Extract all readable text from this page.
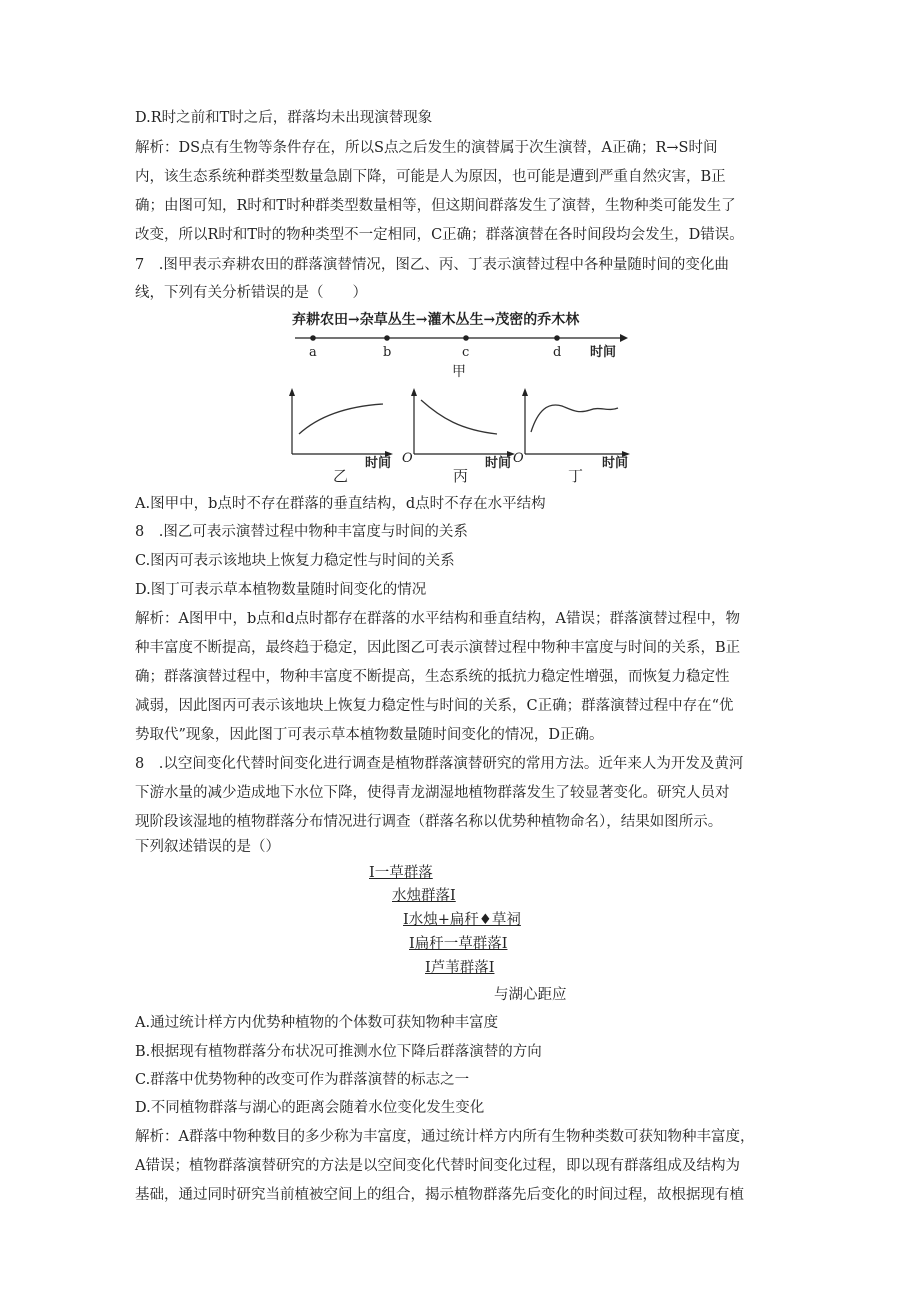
D.R时之前和T时之后，群落均未出现演替现象
解析：DS点有生物等条件存在，所以S点之后发生的演替属于次生演替，A正确；R→S时间
内，该生态系统种群类型数量急剧下降，可能是人为原因，也可能是遭到严重自然灾害，B正
确；由图可知，R时和T时种群类型数量相等，但这期间群落发生了演替，生物种类可能发生了
改变，所以R时和T时的物种类型不一定相同，C正确；群落演替在各时间段均会发生，D错误。
7　.图甲表示弃耕农田的群落演替情况，图乙、丙、丁表示演替过程中各种量随时间的变化曲
线，下列有关分析错误的是（　　）
弃耕农田→杂草丛生→灌木丛生→茂密的乔木林
a	b	c	d 时间
甲
时间
乙
O	时间
丙
O	时间
丁
A.图甲中，b点时不存在群落的垂直结构，d点时不存在水平结构
8　.图乙可表示演替过程中物种丰富度与时间的关系
C.图丙可表示该地块上恢复力稳定性与时间的关系
D.图丁可表示草本植物数量随时间变化的情况
解析：A图甲中，b点和d点时都存在群落的水平结构和垂直结构，A错误；群落演替过程中，物
种丰富度不断提高，最终趋于稳定，因此图乙可表示演替过程中物种丰富度与时间的关系，B正
确；群落演替过程中，物种丰富度不断提高，生态系统的抵抗力稳定性增强，而恢复力稳定性
减弱，因此图丙可表示该地块上恢复力稳定性与时间的关系，C正确；群落演替过程中存在“优
势取代”现象，因此图丁可表示草本植物数量随时间变化的情况，D正确。
8　.以空间变化代替时间变化进行调查是植物群落演替研究的常用方法。近年来人为开发及黄河
下游水量的减少造成地下水位下降，使得青龙湖湿地植物群落发生了较显著变化。研究人员对
现阶段该湿地的植物群落分布情况进行调查（群落名称以优势种植物命名），结果如图所示。
下列叙述错误的是（）
I一草群落
水烛群落I
I水烛+扁秆♦草祠
I扁秆一草群落I
I芦苇群落I
与湖心距应
A.通过统计样方内优势种植物的个体数可获知物种丰富度
B.根据现有植物群落分布状况可推测水位下降后群落演替的方向
C.群落中优势物种的改变可作为群落演替的标志之一
D.不同植物群落与湖心的距离会随着水位变化发生变化
解析：A群落中物种数目的多少称为丰富度，通过统计样方内所有生物种类数可获知物种丰富度，
A错误；植物群落演替研究的方法是以空间变化代替时间变化过程，即以现有群落组成及结构为
基础，通过同时研究当前植被空间上的组合，揭示植物群落先后变化的时间过程，故根据现有植
